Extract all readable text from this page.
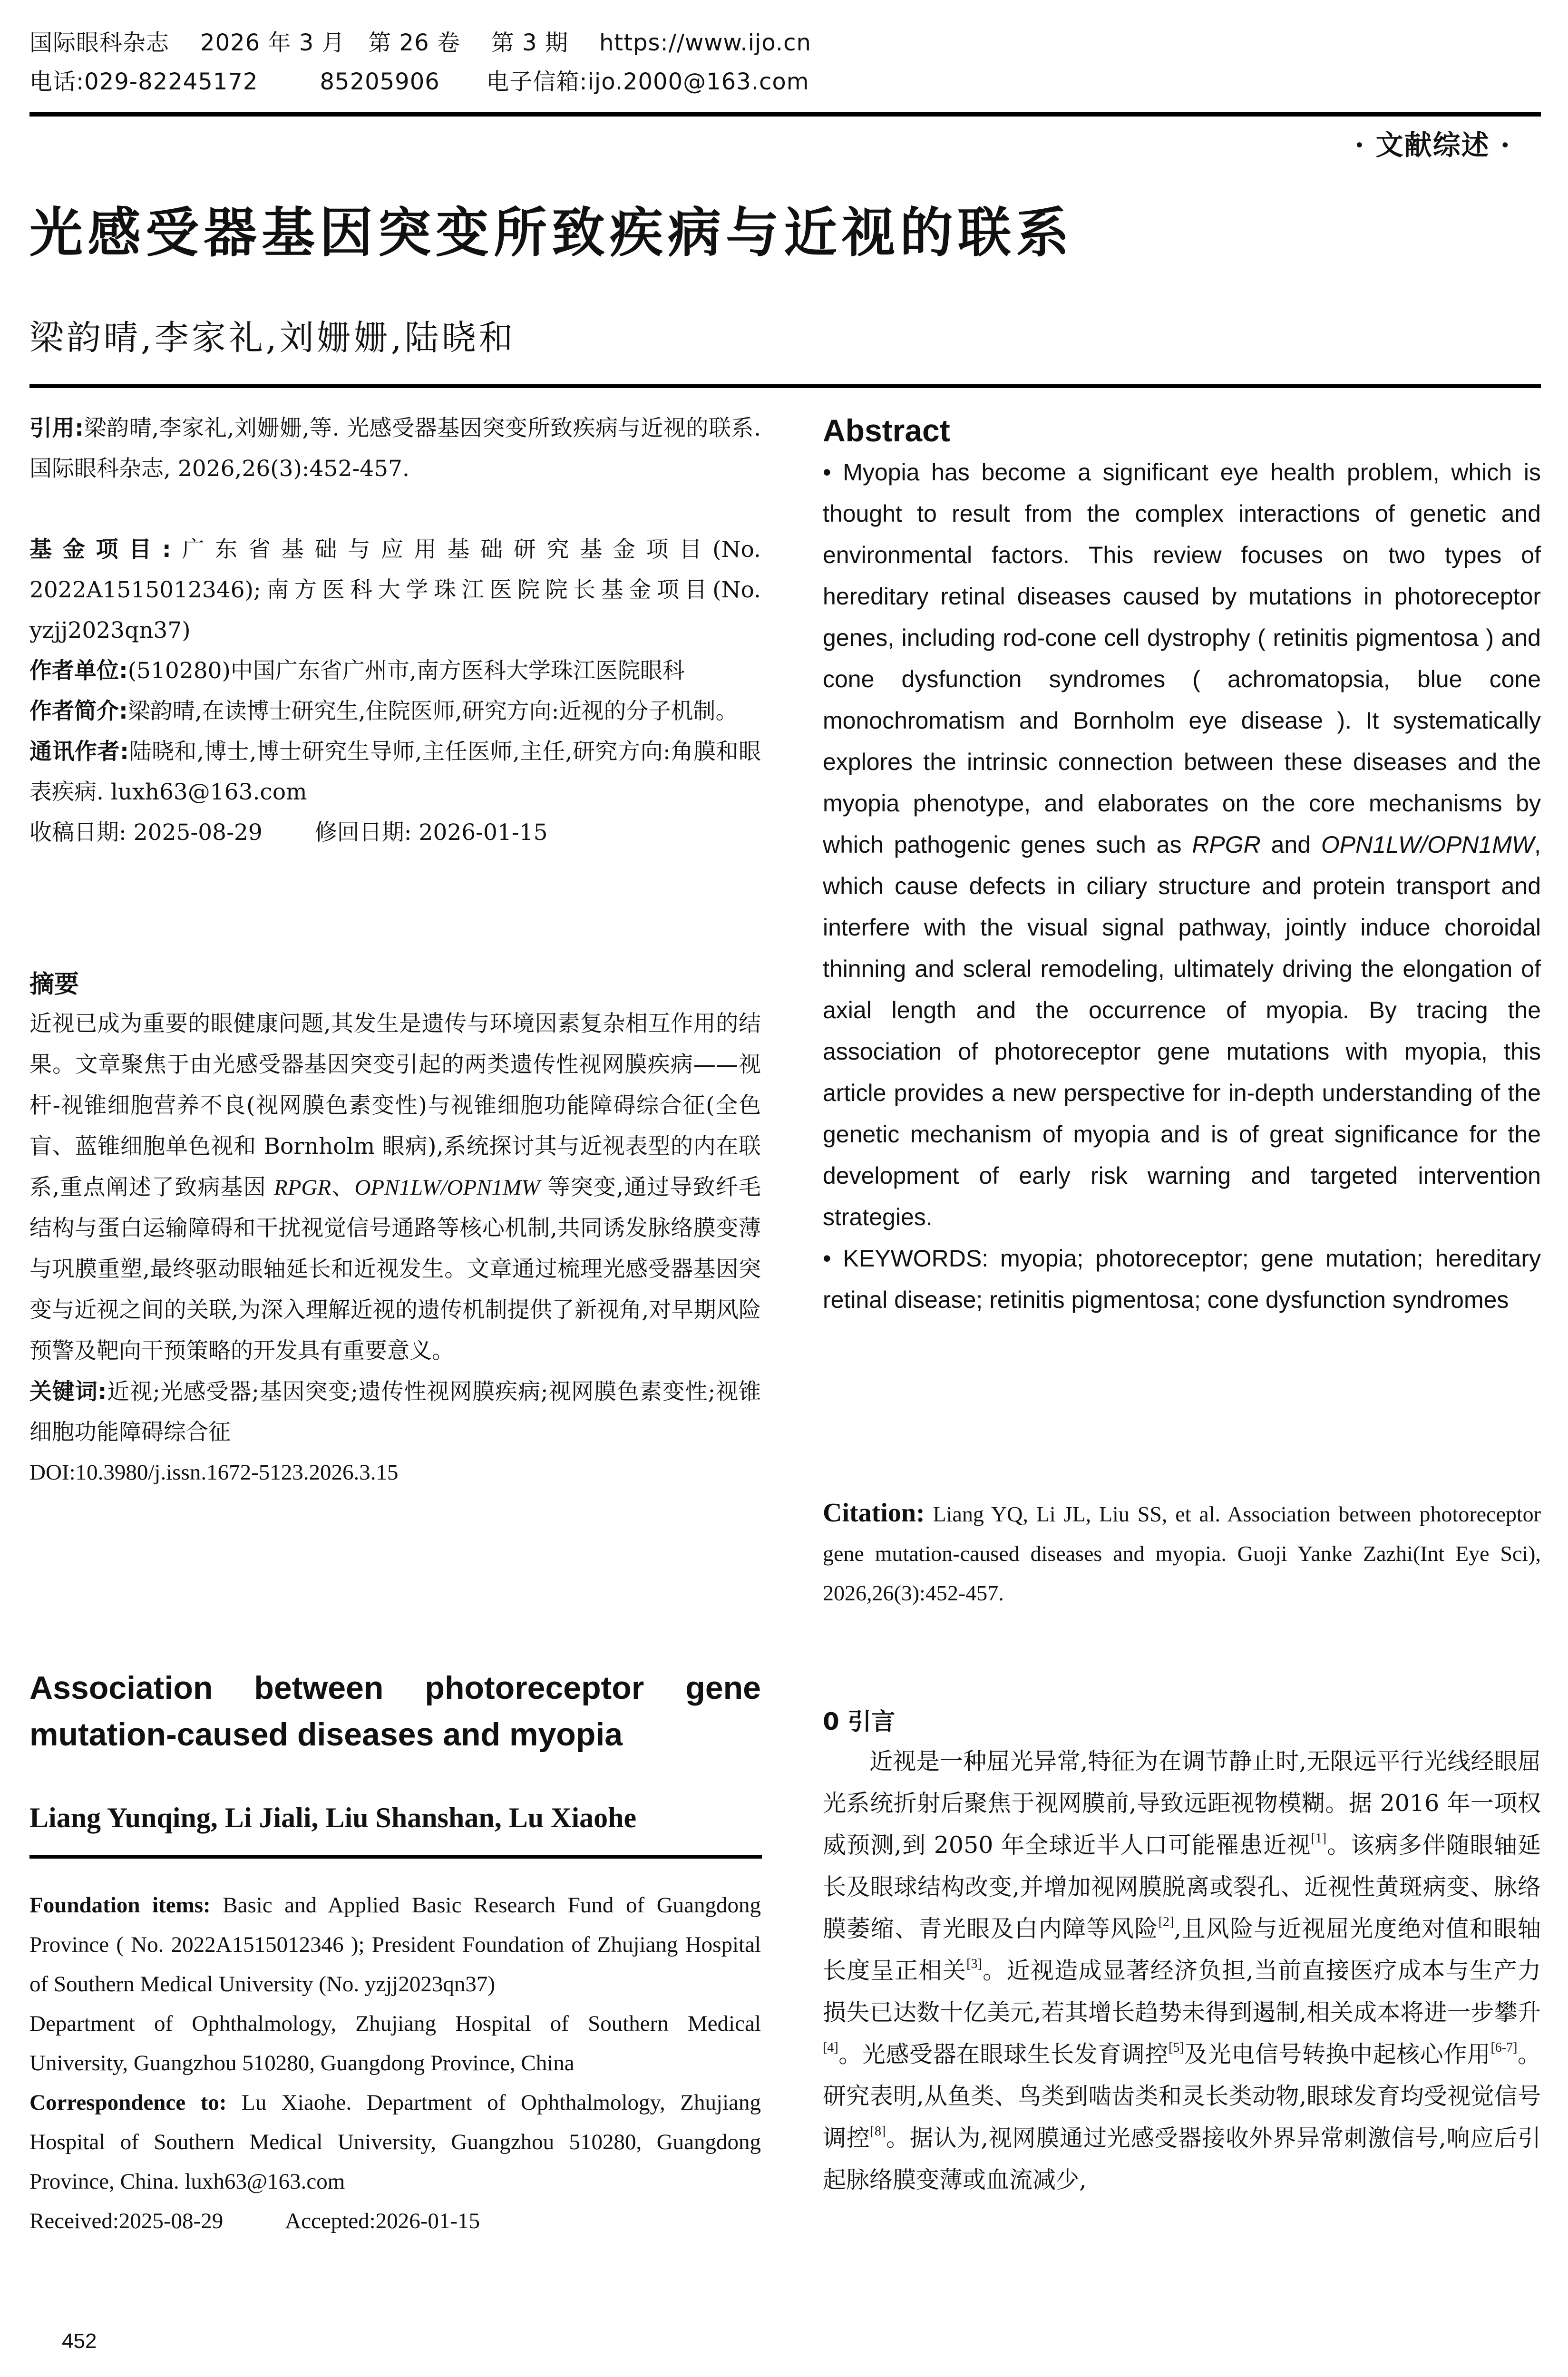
国际眼科杂志    2026 年 3 月   第 26 卷    第 3 期    https://www.ijo.cn
电话:029-82245172        85205906      电子信箱:ijo.2000@163.com
· 文献综述 ·
光感受器基因突变所致疾病与近视的联系
梁韵晴,李家礼,刘姗姗,陆晓和

引用:梁韵晴,李家礼,刘姗姗,等. 光感受器基因突变所致疾病与近视的联系. 国际眼科杂志, 2026,26(3):452-457.

基金项目:广东省基础与应用基础研究基金项目(No. 2022A1515012346);南方医科大学珠江医院院长基金项目(No. yzjj2023qn37)

作者单位:(510280)中国广东省广州市,南方医科大学珠江医院眼科

作者简介:梁韵晴,在读博士研究生,住院医师,研究方向:近视的分子机制。

通讯作者:陆晓和,博士,博士研究生导师,主任医师,主任,研究方向:角膜和眼表疾病. luxh63@163.com

收稿日期: 2025-08-29 修回日期: 2026-01-15

摘要

近视已成为重要的眼健康问题,其发生是遗传与环境因素复杂相互作用的结果。文章聚焦于由光感受器基因突变引起的两类遗传性视网膜疾病——视杆-视锥细胞营养不良(视网膜色素变性)与视锥细胞功能障碍综合征(全色盲、蓝锥细胞单色视和 Bornholm 眼病),系统探讨其与近视表型的内在联系,重点阐述了致病基因 RPGR、OPN1LW/OPN1MW 等突变,通过导致纤毛结构与蛋白运输障碍和干扰视觉信号通路等核心机制,共同诱发脉络膜变薄与巩膜重塑,最终驱动眼轴延长和近视发生。文章通过梳理光感受器基因突变与近视之间的关联,为深入理解近视的遗传机制提供了新视角,对早期风险预警及靶向干预策略的开发具有重要意义。

关键词:近视;光感受器;基因突变;遗传性视网膜疾病;视网膜色素变性;视锥细胞功能障碍综合征

DOI:10.3980/j.issn.1672-5123.2026.3.15

Association between photoreceptor gene mutation-caused diseases and myopia

Liang Yunqing, Li Jiali, Liu Shanshan, Lu Xiaohe

Foundation items: Basic and Applied Basic Research Fund of Guangdong Province ( No. 2022A1515012346 ); President Foundation of Zhujiang Hospital of Southern Medical University (No. yzjj2023qn37)

Department of Ophthalmology, Zhujiang Hospital of Southern Medical University, Guangzhou 510280, Guangdong Province, China

Correspondence to: Lu Xiaohe. Department of Ophthalmology, Zhujiang Hospital of Southern Medical University, Guangzhou 510280, Guangdong Province, China. luxh63@163.com

Received:2025-08-29	Accepted:2026-01-15

452
Abstract

• Myopia has become a significant eye health problem, which is thought to result from the complex interactions of genetic and environmental factors. This review focuses on two types of hereditary retinal diseases caused by mutations in photoreceptor genes, including rod-cone cell dystrophy ( retinitis pigmentosa ) and cone dysfunction syndromes ( achromatopsia, blue cone monochromatism and Bornholm eye disease ). It systematically explores the intrinsic connection between these diseases and the myopia phenotype, and elaborates on the core mechanisms by which pathogenic genes such as RPGR and OPN1LW/OPN1MW, which cause defects in ciliary structure and protein transport and interfere with the visual signal pathway, jointly induce choroidal thinning and scleral remodeling, ultimately driving the elongation of axial length and the occurrence of myopia. By tracing the association of photoreceptor gene mutations with myopia, this article provides a new perspective for in-depth understanding of the genetic mechanism of myopia and is of great significance for the development of early risk warning and targeted intervention strategies.

• KEYWORDS: myopia; photoreceptor; gene mutation; hereditary retinal disease; retinitis pigmentosa; cone dysfunction syndromes

Citation: Liang YQ, Li JL, Liu SS, et al. Association between photoreceptor gene mutation-caused diseases and myopia. Guoji Yanke Zazhi(Int Eye Sci), 2026,26(3):452-457.

0 引言

近视是一种屈光异常,特征为在调节静止时,无限远平行光线经眼屈光系统折射后聚焦于视网膜前,导致远距视物模糊。据 2016 年一项权威预测,到 2050 年全球近半人口可能罹患近视[1]。该病多伴随眼轴延长及眼球结构改变,并增加视网膜脱离或裂孔、近视性黄斑病变、脉络膜萎缩、青光眼及白内障等风险[2],且风险与近视屈光度绝对值和眼轴长度呈正相关[3]。近视造成显著经济负担,当前直接医疗成本与生产力损失已达数十亿美元,若其增长趋势未得到遏制,相关成本将进一步攀升[4]。光感受器在眼球生长发育调控[5]及光电信号转换中起核心作用[6-7]。研究表明,从鱼类、鸟类到啮齿类和灵长类动物,眼球发育均受视觉信号调控[8]。据认为,视网膜通过光感受器接收外界异常刺激信号,响应后引起脉络膜变薄或血流减少,
